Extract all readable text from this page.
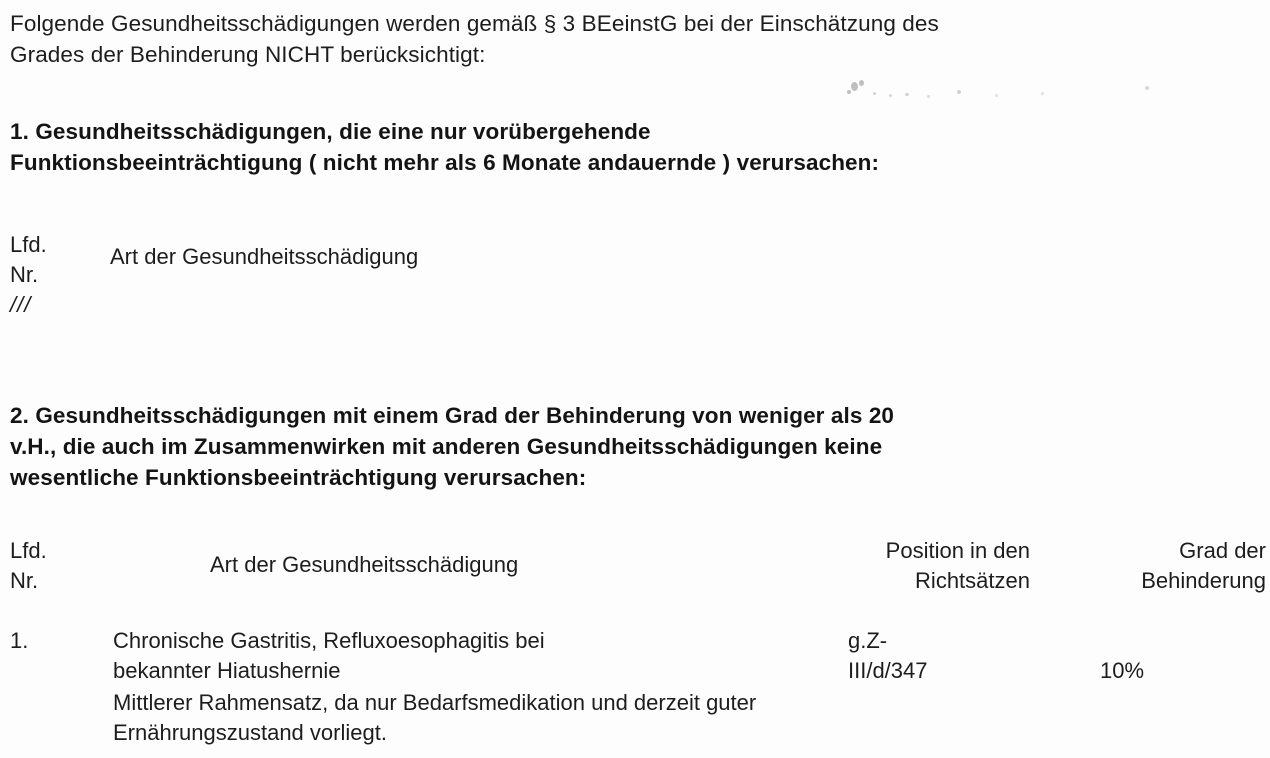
Folgende Gesundheitsschädigungen werden gemäß § 3 BEeinstG bei der Einschätzung des
Grades der Behinderung NICHT berücksichtigt:
1. Gesundheitsschädigungen, die eine nur vorübergehende
Funktionsbeeinträchtigung ( nicht mehr als 6 Monate andauernde ) verursachen:
Lfd.
Nr.
///
Art der Gesundheitsschädigung
2. Gesundheitsschädigungen mit einem Grad der Behinderung von weniger als 20
v.H., die auch im Zusammenwirken mit anderen Gesundheitsschädigungen keine
wesentliche Funktionsbeeinträchtigung verursachen:
Lfd.
Nr.
Art der Gesundheitsschädigung
Position in den
Richtsätzen
Grad der
Behinderung
1.	Chronische Gastritis, Refluxoesophagitis bei
bekannter Hiatushernie
g.Z-
III/d/347	10%
Mittlerer Rahmensatz, da nur Bedarfsmedikation und derzeit guter
Ernährungszustand vorliegt.
